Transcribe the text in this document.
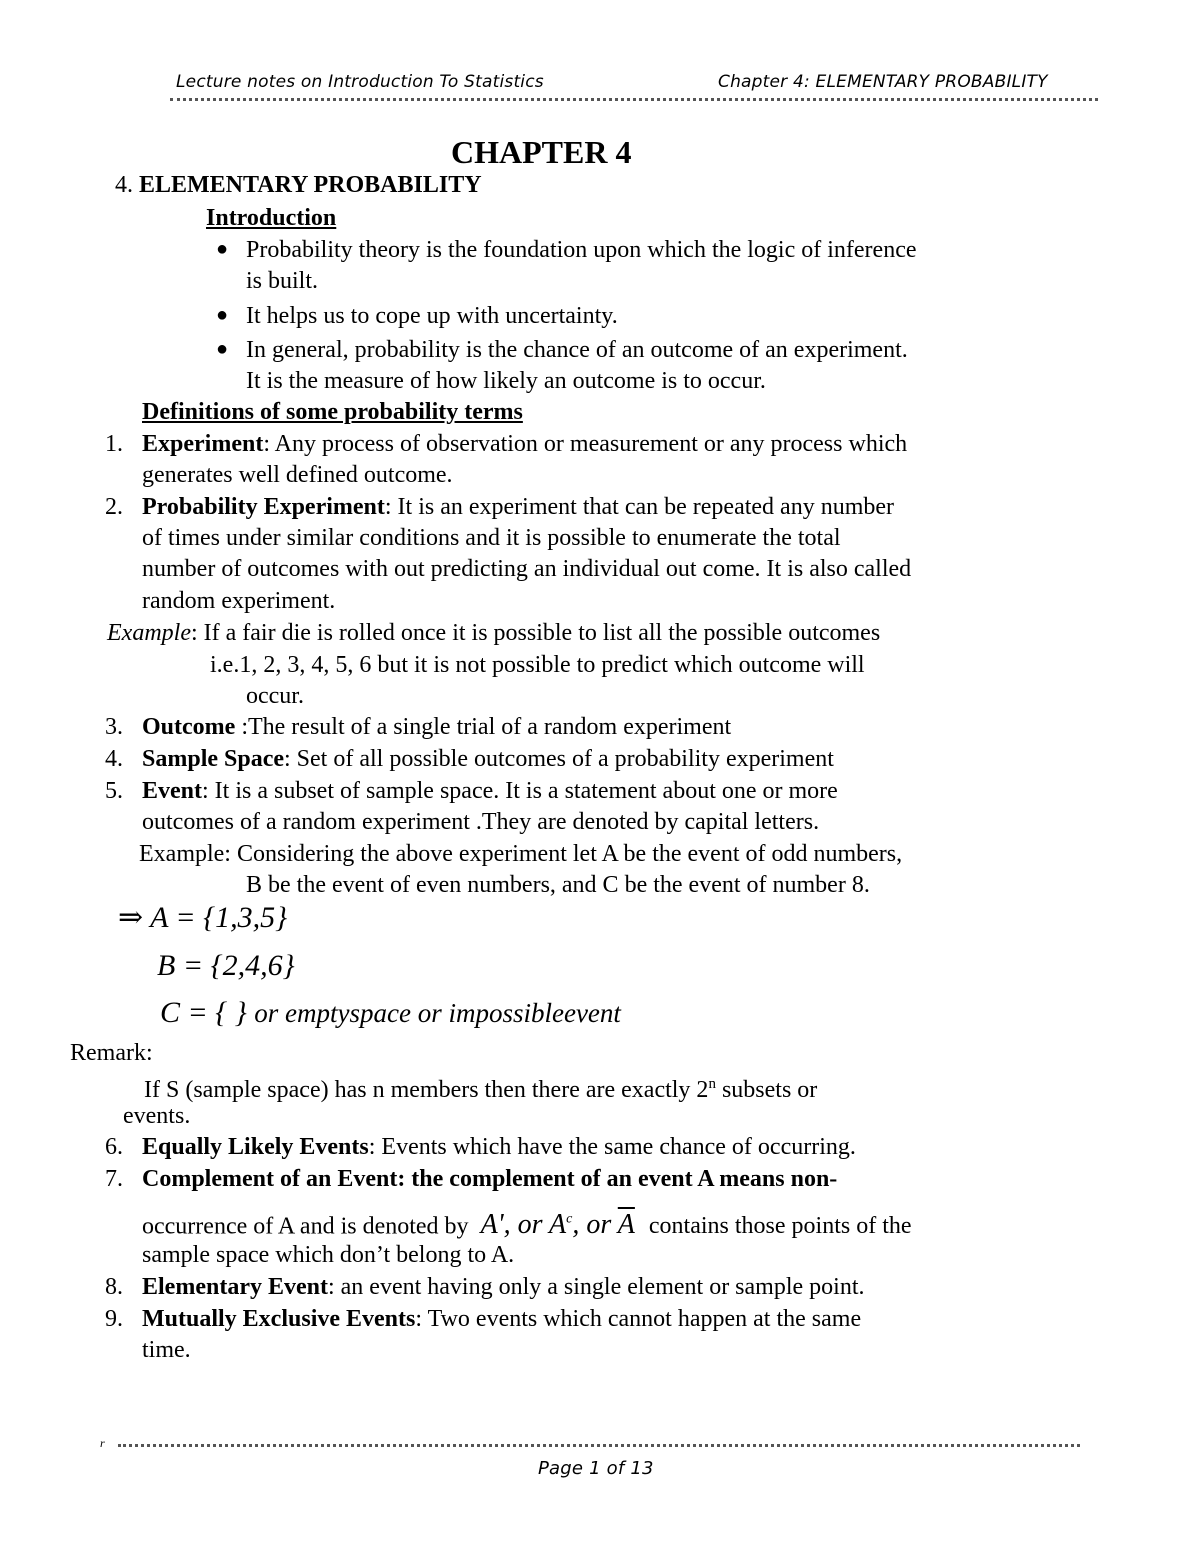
Lecture notes on Introduction To Statistics	Chapter 4: ELEMENTARY PROBABILITY
CHAPTER 4
4. ELEMENTARY PROBABILITY
Introduction
● Probability theory is the foundation upon which the logic of inference
is built.
● It helps us to cope up with uncertainty.
● In general, probability is the chance of an outcome of an experiment.
It is the measure of how likely an outcome is to occur.
Definitions of some probability terms
1. Experiment: Any process of observation or measurement or any process which
generates well defined outcome.
2. Probability Experiment: It is an experiment that can be repeated any number
of times under similar conditions and it is possible to enumerate the total
number of outcomes with out predicting an individual out come. It is also called
random experiment.
Example: If a fair die is rolled once it is possible to list all the possible outcomes
i.e.1, 2, 3, 4, 5, 6 but it is not possible to predict which outcome will
occur.
3. Outcome :The result of a single trial of a random experiment
4. Sample Space: Set of all possible outcomes of a probability experiment
5. Event: It is a subset of sample space. It is a statement about one or more
outcomes of a random experiment .They are denoted by capital letters.
Example: Considering the above experiment let A be the event of odd numbers,
B be the event of even numbers, and C be the event of number 8.
⇒ A = {1,3,5}
B = {2,4,6}
C = { } or emptyspace or impossibleevent
Remark:
If S (sample space) has n members then there are exactly 2$^n$ subsets or
events.
6. Equally Likely Events: Events which have the same chance of occurring.
7. Complement of an Event: the complement of an event A means non-
occurrence of A and is denoted by A', or $A^c$, or $\overline{A}$ contains those points of the
sample space which don’t belong to A.
8. Elementary Event: an event having only a single element or sample point.
9. Mutually Exclusive Events: Two events which cannot happen at the same
time.
r
Page 1 of 13
